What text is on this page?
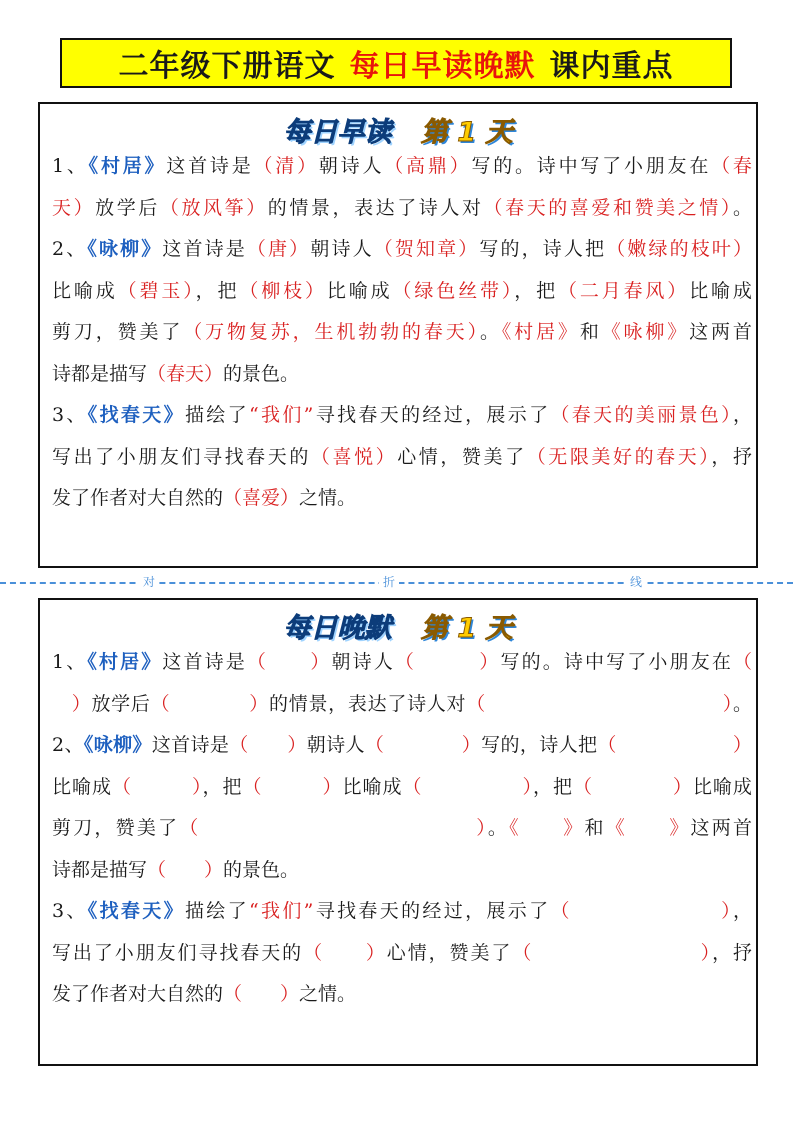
二年级下册语文 每日早读晚默 课内重点
每日早读 第 1 天

1、《村居》这首诗是（清）朝诗人（高鼎）写的。诗中写了小朋友在（春

天）放学后（放风筝）的情景，表达了诗人对（春天的喜爱和赞美之情）。

2、《咏柳》这首诗是（唐）朝诗人（贺知章）写的，诗人把（嫩绿的枝叶）

比喻成（碧玉），把（柳枝）比喻成（绿色丝带），把（二月春风）比喻成

剪刀，赞美了（万物复苏，生机勃勃的春天）。《村居》和《咏柳》这两首

诗都是描写（春天）的景色。

3、《找春天》描绘了“我们”寻找春天的经过，展示了（春天的美丽景色），

写出了小朋友们寻找春天的（喜悦）心情，赞美了（无限美好的春天），抒

发了作者对大自然的（喜爱）之情。

对	折	线
每日晚默 第 1 天

1、《村居》这首诗是（　　）朝诗人（　　　）写的。诗中写了小朋友在（　

　）放学后（　　　　）的情景，表达了诗人对（　　　　　　　　　　　　）。

2、《咏柳》这首诗是（　　）朝诗人（　　　　）写的，诗人把（　　　　　　）

比喻成（　　　），把（　　　）比喻成（　　　　　），把（　　　　）比喻成

剪刀，赞美了（　　　　　　　　　　　　　）。《　　》和《　　》这两首

诗都是描写（　　）的景色。

3、《找春天》描绘了“我们”寻找春天的经过，展示了（　　　　　　　），

写出了小朋友们寻找春天的（　　）心情，赞美了（　　　　　　　　），抒

发了作者对大自然的（　　）之情。
